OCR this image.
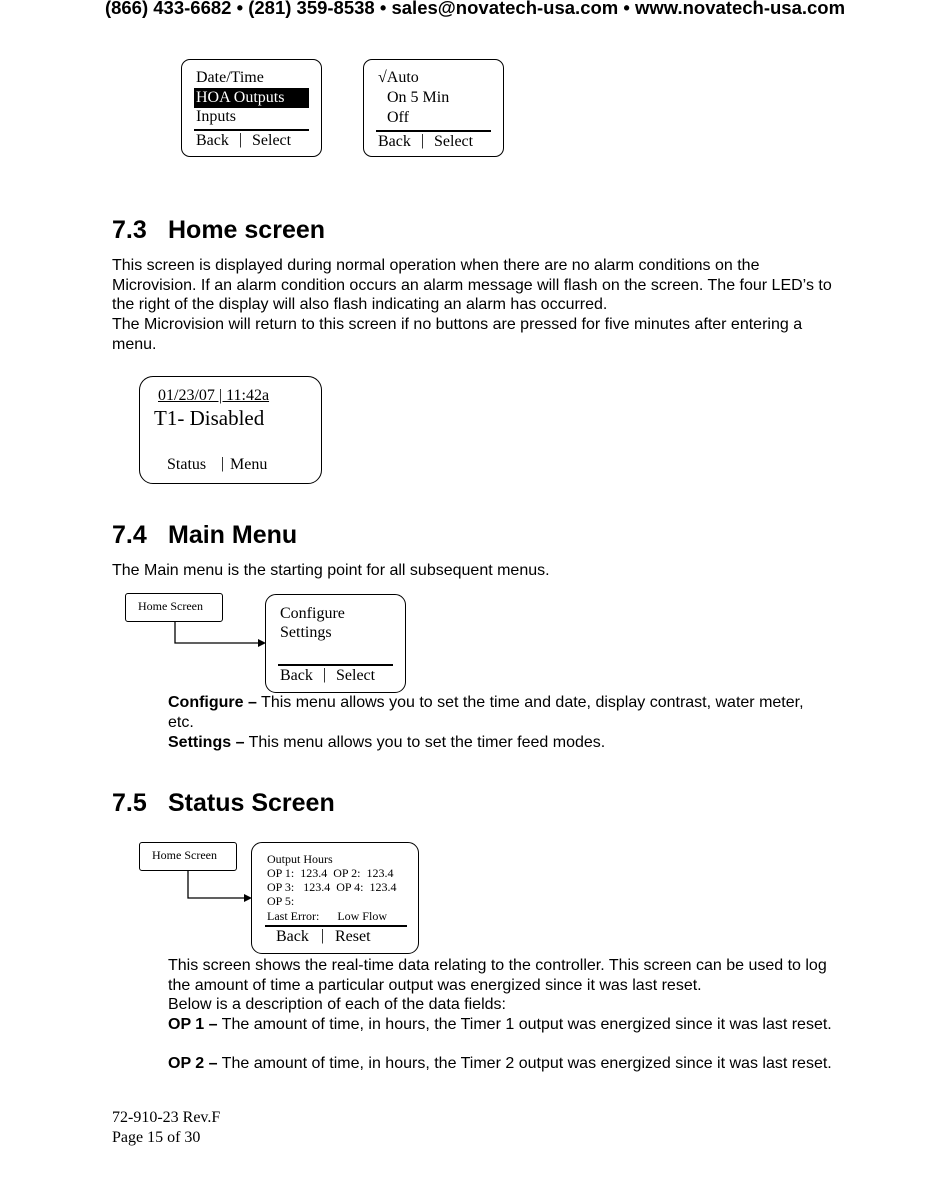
(866) 433-6682 • (281) 359-8538 • sales@novatech-usa.com • www.novatech-usa.com
Date/Time
HOA Outputs
Inputs
Back | Select
√Auto
On 5 Min
Off
Back | Select
7.3 Home screen
This screen is displayed during normal operation when there are no alarm conditions on the Microvision. If an alarm condition occurs an alarm message will flash on the screen. The four LED’s to the right of the display will also flash indicating an alarm has occurred.
The Microvision will return to this screen if no buttons are pressed for five minutes after entering a menu.
01/23/07 | 11:42a
T1- Disabled
Status | Menu
7.4 Main Menu
The Main menu is the starting point for all subsequent menus.
Home Screen	Configure
Settings
Back | Select
Configure – This menu allows you to set the time and date, display contrast, water meter, etc.
Settings – This menu allows you to set the timer feed modes.
7.5 Status Screen
Home Screen	Output Hours
OP 1:  123.4  OP 2:  123.4
OP 3:   123.4  OP 4:  123.4
OP 5:
Last Error:      Low Flow
Back | Reset
This screen shows the real-time data relating to the controller. This screen can be used to log the amount of time a particular output was energized since it was last reset.
Below is a description of each of the data fields:
OP 1 – The amount of time, in hours, the Timer 1 output was energized since it was last reset.
OP 2 – The amount of time, in hours, the Timer 2 output was energized since it was last reset.
72-910-23 Rev.F
Page 15 of 30
